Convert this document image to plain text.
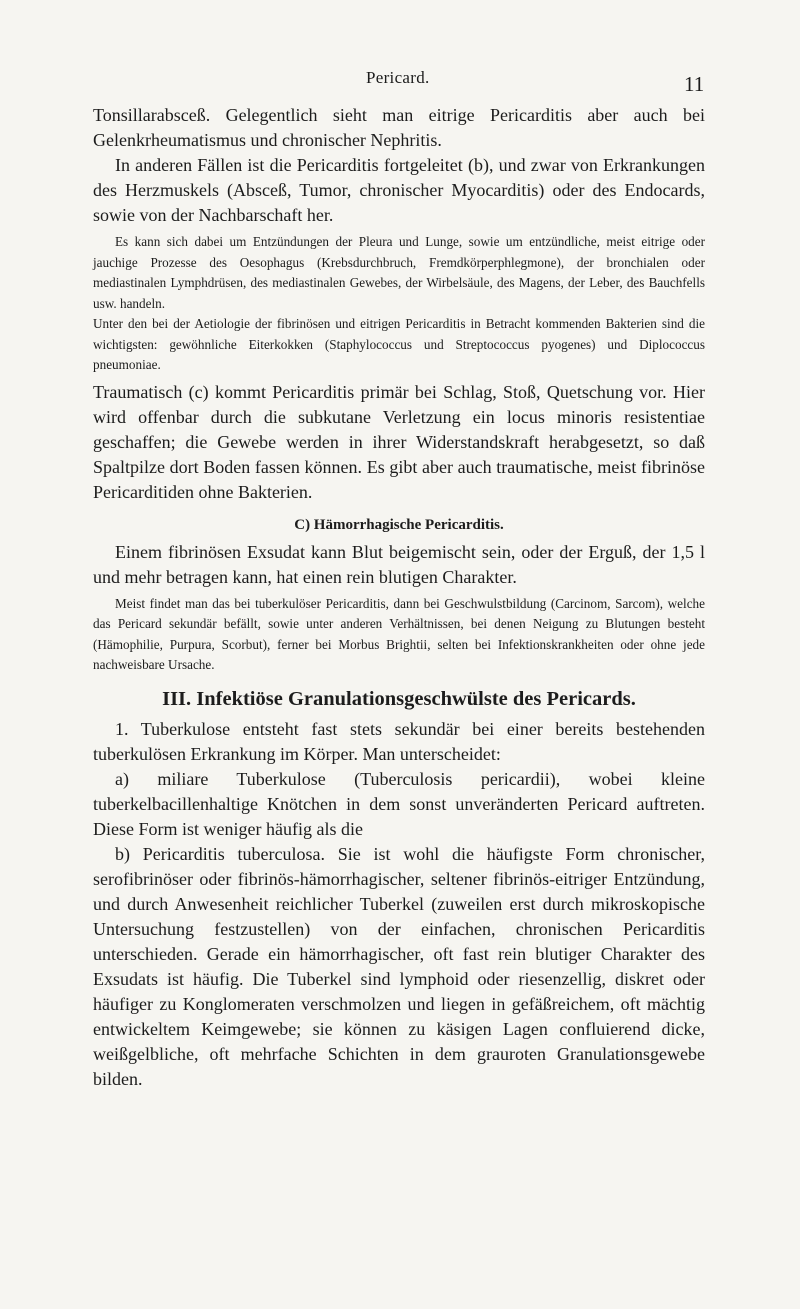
Pericard.	11

Tonsillarabsceß. Gelegentlich sieht man eitrige Pericarditis aber auch bei Gelenkrheumatismus und chronischer Nephritis.

In anderen Fällen ist die Pericarditis fortgeleitet (b), und zwar von Erkrankungen des Herzmuskels (Absceß, Tumor, chronischer Myocarditis) oder des Endocards, sowie von der Nachbarschaft her.

Es kann sich dabei um Entzündungen der Pleura und Lunge, sowie um entzündliche, meist eitrige oder jauchige Prozesse des Oesophagus (Krebsdurchbruch, Fremdkörperphlegmone), der bronchialen oder mediastinalen Lymphdrüsen, des mediastinalen Gewebes, der Wirbelsäule, des Magens, der Leber, des Bauchfells usw. handeln.

Unter den bei der Aetiologie der fibrinösen und eitrigen Pericarditis in Betracht kommenden Bakterien sind die wichtigsten: gewöhnliche Eiterkokken (Staphylococcus und Streptococcus pyogenes) und Diplococcus pneumoniae.

Traumatisch (c) kommt Pericarditis primär bei Schlag, Stoß, Quetschung vor. Hier wird offenbar durch die subkutane Verletzung ein locus minoris resistentiae geschaffen; die Gewebe werden in ihrer Widerstandskraft herabgesetzt, so daß Spaltpilze dort Boden fassen können. Es gibt aber auch traumatische, meist fibrinöse Pericarditiden ohne Bakterien.

C) Hämorrhagische Pericarditis.

Einem fibrinösen Exsudat kann Blut beigemischt sein, oder der Erguß, der 1,5 l und mehr betragen kann, hat einen rein blutigen Charakter.

Meist findet man das bei tuberkulöser Pericarditis, dann bei Geschwulstbildung (Carcinom, Sarcom), welche das Pericard sekundär befällt, sowie unter anderen Verhältnissen, bei denen Neigung zu Blutungen besteht (Hämophilie, Purpura, Scorbut), ferner bei Morbus Brightii, selten bei Infektionskrankheiten oder ohne jede nachweisbare Ursache.

III. Infektiöse Granulationsgeschwülste des Pericards.

1. Tuberkulose entsteht fast stets sekundär bei einer bereits bestehenden tuberkulösen Erkrankung im Körper. Man unterscheidet:

a) miliare Tuberkulose (Tuberculosis pericardii), wobei kleine tuberkelbacillenhaltige Knötchen in dem sonst unveränderten Pericard auftreten. Diese Form ist weniger häufig als die

b) Pericarditis tuberculosa. Sie ist wohl die häufigste Form chronischer, serofibrinöser oder fibrinös-hämorrhagischer, seltener fibrinös-eitriger Entzündung, und durch Anwesenheit reichlicher Tuberkel (zuweilen erst durch mikroskopische Untersuchung festzustellen) von der einfachen, chronischen Pericarditis unterschieden. Gerade ein hämorrhagischer, oft fast rein blutiger Charakter des Exsudats ist häufig. Die Tuberkel sind lymphoid oder riesenzellig, diskret oder häufiger zu Konglomeraten verschmolzen und liegen in gefäßreichem, oft mächtig entwickeltem Keimgewebe; sie können zu käsigen Lagen confluierend dicke, weißgelbliche, oft mehrfache Schichten in dem grauroten Granulationsgewebe bilden.
